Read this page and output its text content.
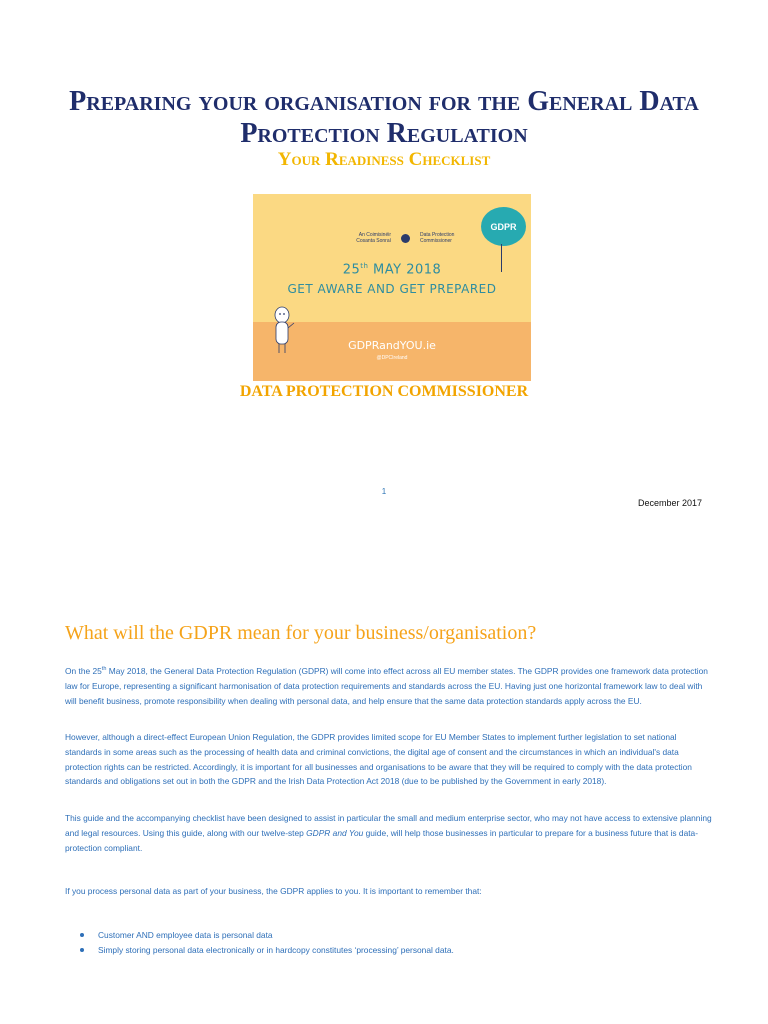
Preparing your organisation for the General Data Protection Regulation
Your Readiness Checklist
An Coimisinéir Cosanta Sonraí
Data Protection Commissioner
GDPR
25th MAY 2018
GET AWARE AND GET PREPARED
GDPRandYOU.ie
@DPCIreland
DATA PROTECTION COMMISSIONER
1
December 2017
What will the GDPR mean for your business/organisation?

On the 25th May 2018, the General Data Protection Regulation (GDPR) will come into effect across all EU member states. The GDPR provides one framework data protection law for Europe, representing a significant harmonisation of data protection requirements and standards across the EU. Having just one horizontal framework law to deal with will benefit business, promote responsibility when dealing with personal data, and help ensure that the same data protection standards apply across the EU.

However, although a direct-effect European Union Regulation, the GDPR provides limited scope for EU Member States to implement further legislation to set national standards in some areas such as the processing of health data and criminal convictions, the digital age of consent and the circumstances in which an individual's data protection rights can be restricted. Accordingly, it is important for all businesses and organisations to be aware that they will be required to comply with the data protection standards and obligations set out in both the GDPR and the Irish Data Protection Act 2018 (due to be published by the Government in early 2018).

This guide and the accompanying checklist have been designed to assist in particular the small and medium enterprise sector, who may not have access to extensive planning and legal resources. Using this guide, along with our twelve-step GDPR and You guide, will help those businesses in particular to prepare for a business future that is data-protection compliant.

If you process personal data as part of your business, the GDPR applies to you. It is important to remember that:

Customer AND employee data is personal data
Simply storing personal data electronically or in hardcopy constitutes ‘processing’ personal data.
